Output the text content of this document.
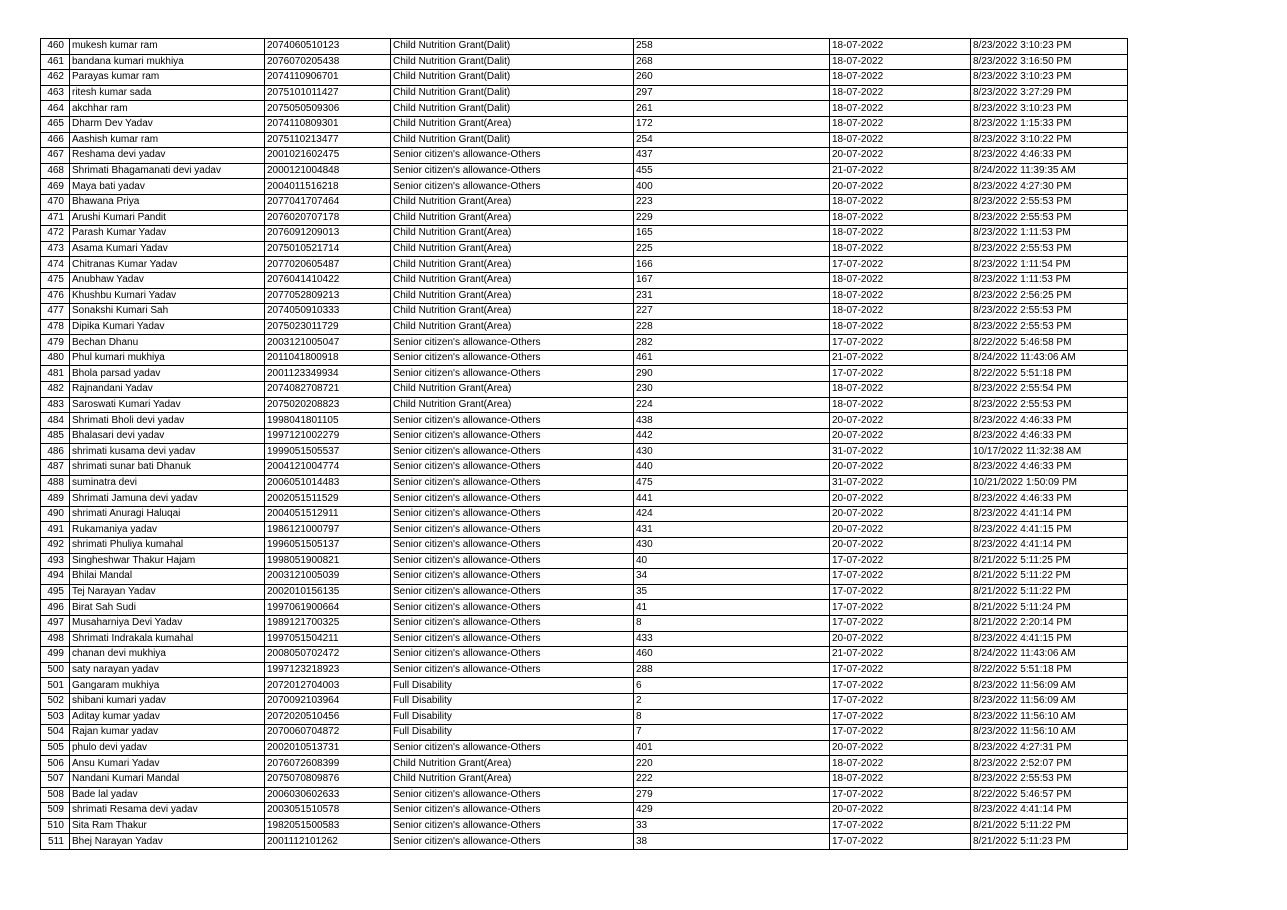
460	mukesh kumar ram	2074060510123	Child Nutrition Grant(Dalit)	258	18-07-2022	8/23/2022 3:10:23 PM
461	bandana kumari mukhiya	2076070205438	Child Nutrition Grant(Dalit)	268	18-07-2022	8/23/2022 3:16:50 PM
462	Parayas kumar ram	2074110906701	Child Nutrition Grant(Dalit)	260	18-07-2022	8/23/2022 3:10:23 PM
463	ritesh kumar sada	2075101011427	Child Nutrition Grant(Dalit)	297	18-07-2022	8/23/2022 3:27:29 PM
464	akchhar ram	2075050509306	Child Nutrition Grant(Dalit)	261	18-07-2022	8/23/2022 3:10:23 PM
465	Dharm Dev Yadav	2074110809301	Child Nutrition Grant(Area)	172	18-07-2022	8/23/2022 1:15:33 PM
466	Aashish kumar ram	2075110213477	Child Nutrition Grant(Dalit)	254	18-07-2022	8/23/2022 3:10:22 PM
467	Reshama devi yadav	2001021602475	Senior citizen's allowance-Others	437	20-07-2022	8/23/2022 4:46:33 PM
468	Shrimati Bhagamanati devi yadav	2000121004848	Senior citizen's allowance-Others	455	21-07-2022	8/24/2022 11:39:35 AM
469	Maya bati yadav	2004011516218	Senior citizen's allowance-Others	400	20-07-2022	8/23/2022 4:27:30 PM
470	Bhawana Priya	2077041707464	Child Nutrition Grant(Area)	223	18-07-2022	8/23/2022 2:55:53 PM
471	Arushi Kumari Pandit	2076020707178	Child Nutrition Grant(Area)	229	18-07-2022	8/23/2022 2:55:53 PM
472	Parash Kumar Yadav	2076091209013	Child Nutrition Grant(Area)	165	18-07-2022	8/23/2022 1:11:53 PM
473	Asama Kumari Yadav	2075010521714	Child Nutrition Grant(Area)	225	18-07-2022	8/23/2022 2:55:53 PM
474	Chitranas Kumar Yadav	2077020605487	Child Nutrition Grant(Area)	166	17-07-2022	8/23/2022 1:11:54 PM
475	Anubhaw Yadav	2076041410422	Child Nutrition Grant(Area)	167	18-07-2022	8/23/2022 1:11:53 PM
476	Khushbu Kumari Yadav	2077052809213	Child Nutrition Grant(Area)	231	18-07-2022	8/23/2022 2:56:25 PM
477	Sonakshi Kumari Sah	2074050910333	Child Nutrition Grant(Area)	227	18-07-2022	8/23/2022 2:55:53 PM
478	Dipika Kumari Yadav	2075023011729	Child Nutrition Grant(Area)	228	18-07-2022	8/23/2022 2:55:53 PM
479	Bechan Dhanu	2003121005047	Senior citizen's allowance-Others	282	17-07-2022	8/22/2022 5:46:58 PM
480	Phul kumari mukhiya	2011041800918	Senior citizen's allowance-Others	461	21-07-2022	8/24/2022 11:43:06 AM
481	Bhola parsad yadav	2001123349934	Senior citizen's allowance-Others	290	17-07-2022	8/22/2022 5:51:18 PM
482	Rajnandani Yadav	2074082708721	Child Nutrition Grant(Area)	230	18-07-2022	8/23/2022 2:55:54 PM
483	Saroswati Kumari Yadav	2075020208823	Child Nutrition Grant(Area)	224	18-07-2022	8/23/2022 2:55:53 PM
484	Shrimati Bholi devi yadav	1998041801105	Senior citizen's allowance-Others	438	20-07-2022	8/23/2022 4:46:33 PM
485	Bhalasari devi yadav	1997121002279	Senior citizen's allowance-Others	442	20-07-2022	8/23/2022 4:46:33 PM
486	shrimati kusama devi yadav	1999051505537	Senior citizen's allowance-Others	430	31-07-2022	10/17/2022 11:32:38 AM
487	shrimati sunar bati Dhanuk	2004121004774	Senior citizen's allowance-Others	440	20-07-2022	8/23/2022 4:46:33 PM
488	suminatra devi	2006051014483	Senior citizen's allowance-Others	475	31-07-2022	10/21/2022 1:50:09 PM
489	Shrimati Jamuna devi yadav	2002051511529	Senior citizen's allowance-Others	441	20-07-2022	8/23/2022 4:46:33 PM
490	shrimati Anuragi Haluqai	2004051512911	Senior citizen's allowance-Others	424	20-07-2022	8/23/2022 4:41:14 PM
491	Rukamaniya yadav	1986121000797	Senior citizen's allowance-Others	431	20-07-2022	8/23/2022 4:41:15 PM
492	shrimati Phuliya kumahal	1996051505137	Senior citizen's allowance-Others	430	20-07-2022	8/23/2022 4:41:14 PM
493	Singheshwar Thakur Hajam	1998051900821	Senior citizen's allowance-Others	40	17-07-2022	8/21/2022 5:11:25 PM
494	Bhilai Mandal	2003121005039	Senior citizen's allowance-Others	34	17-07-2022	8/21/2022 5:11:22 PM
495	Tej Narayan Yadav	2002010156135	Senior citizen's allowance-Others	35	17-07-2022	8/21/2022 5:11:22 PM
496	Birat Sah Sudi	1997061900664	Senior citizen's allowance-Others	41	17-07-2022	8/21/2022 5:11:24 PM
497	Musaharniya Devi Yadav	1989121700325	Senior citizen's allowance-Others	8	17-07-2022	8/21/2022 2:20:14 PM
498	Shrimati Indrakala kumahal	1997051504211	Senior citizen's allowance-Others	433	20-07-2022	8/23/2022 4:41:15 PM
499	chanan devi mukhiya	2008050702472	Senior citizen's allowance-Others	460	21-07-2022	8/24/2022 11:43:06 AM
500	saty narayan yadav	1997123218923	Senior citizen's allowance-Others	288	17-07-2022	8/22/2022 5:51:18 PM
501	Gangaram mukhiya	2072012704003	Full Disability	6	17-07-2022	8/23/2022 11:56:09 AM
502	shibani kumari yadav	2070092103964	Full Disability	2	17-07-2022	8/23/2022 11:56:09 AM
503	Aditay kumar yadav	2072020510456	Full Disability	8	17-07-2022	8/23/2022 11:56:10 AM
504	Rajan kumar yadav	2070060704872	Full Disability	7	17-07-2022	8/23/2022 11:56:10 AM
505	phulo devi yadav	2002010513731	Senior citizen's allowance-Others	401	20-07-2022	8/23/2022 4:27:31 PM
506	Ansu Kumari Yadav	2076072608399	Child Nutrition Grant(Area)	220	18-07-2022	8/23/2022 2:52:07 PM
507	Nandani Kumari Mandal	2075070809876	Child Nutrition Grant(Area)	222	18-07-2022	8/23/2022 2:55:53 PM
508	Bade lal yadav	2006030602633	Senior citizen's allowance-Others	279	17-07-2022	8/22/2022 5:46:57 PM
509	shrimati Resama devi yadav	2003051510578	Senior citizen's allowance-Others	429	20-07-2022	8/23/2022 4:41:14 PM
510	Sita Ram Thakur	1982051500583	Senior citizen's allowance-Others	33	17-07-2022	8/21/2022 5:11:22 PM
511	Bhej Narayan Yadav	2001112101262	Senior citizen's allowance-Others	38	17-07-2022	8/21/2022 5:11:23 PM
